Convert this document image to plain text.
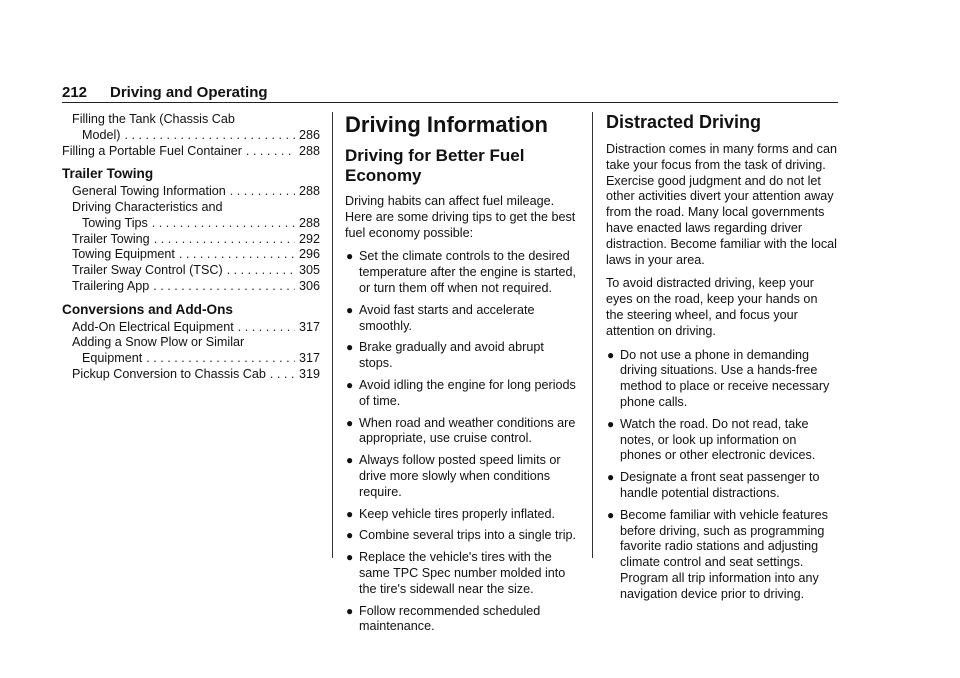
212 Driving and Operating
Filling the Tank (Chassis Cab
Model) . . .	286
Filling a Portable Fuel Container . . .	288
Trailer Towing
General Towing Information . . .	288
Driving Characteristics and
Towing Tips . . .	288
Trailer Towing . . .	292
Towing Equipment . . .	296
Trailer Sway Control (TSC) . . .	305
Trailering App . . .	306
Conversions and Add-Ons
Add-On Electrical Equipment . . .	317
Adding a Snow Plow or Similar
Equipment . . .	317
Pickup Conversion to Chassis Cab . . .	319
Driving Information
Driving for Better Fuel Economy

Driving habits can affect fuel mileage. Here are some driving tips to get the best fuel economy possible:

● Set the climate controls to the desired temperature after the engine is started, or turn them off when not required.
● Avoid fast starts and accelerate smoothly.
● Brake gradually and avoid abrupt stops.
● Avoid idling the engine for long periods of time.
● When road and weather conditions are appropriate, use cruise control.
● Always follow posted speed limits or drive more slowly when conditions require.
● Keep vehicle tires properly inflated.
● Combine several trips into a single trip.
● Replace the vehicle's tires with the same TPC Spec number molded into the tire's sidewall near the size.
● Follow recommended scheduled maintenance.
Distracted Driving

Distraction comes in many forms and can take your focus from the task of driving. Exercise good judgment and do not let other activities divert your attention away from the road. Many local governments have enacted laws regarding driver distraction. Become familiar with the local laws in your area.

To avoid distracted driving, keep your eyes on the road, keep your hands on the steering wheel, and focus your attention on driving.

● Do not use a phone in demanding driving situations. Use a hands-free method to place or receive necessary phone calls.
● Watch the road. Do not read, take notes, or look up information on phones or other electronic devices.
● Designate a front seat passenger to handle potential distractions.
● Become familiar with vehicle features before driving, such as programming favorite radio stations and adjusting climate control and seat settings. Program all trip information into any navigation device prior to driving.
